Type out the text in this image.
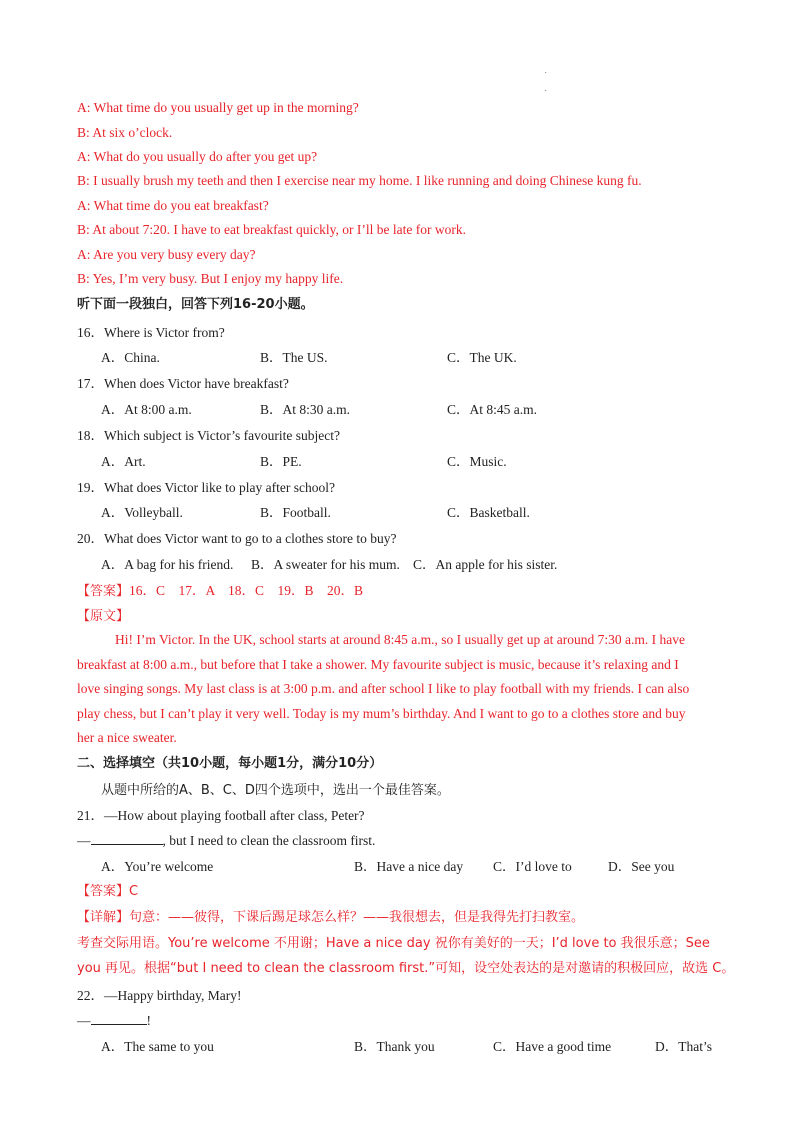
˙
˙
A: What time do you usually get up in the morning?
B: At six o’clock.
A: What do you usually do after you get up?
B: I usually brush my teeth and then I exercise near my home. I like running and doing Chinese kung fu.
A: What time do you eat breakfast?
B: At about 7:20. I have to eat breakfast quickly, or I’ll be late for work.
A: Are you very busy every day?
B: Yes, I’m very busy. But I enjoy my happy life.
听下面一段独白，回答下列16-20小题。
16．Where is Victor from?
A．China.	B．The US.	C．The UK.
17．When does Victor have breakfast?
A．At 8:00 a.m.	B．At 8:30 a.m.	C．At 8:45 a.m.
18．Which subject is Victor’s favourite subject?
A．Art.	B．PE.	C．Music.
19．What does Victor like to play after school?
A．Volleyball.	B．Football.	C．Basketball.
20．What does Victor want to go to a clothes store to buy?
A．A bag for his friend. B．A sweater for his mum. C．An apple for his sister.
【答案】16．C　17．A　18．C　19．B　20．B
【原文】
Hi! I’m Victor. In the UK, school starts at around 8:45 a.m., so I usually get up at around 7:30 a.m. I have
breakfast at 8:00 a.m., but before that I take a shower. My favourite subject is music, because it’s relaxing and I
love singing songs. My last class is at 3:00 p.m. and after school I like to play football with my friends. I can also
play chess, but I can’t play it very well. Today is my mum’s birthday. And I want to go to a clothes store and buy
her a nice sweater.
二、选择填空（共10小题，每小题1分，满分10分）
从题中所给的A、B、C、D四个选项中，选出一个最佳答案。
21．—How about playing football after class, Peter?
—	, but I need to clean the classroom first.
A．You’re welcome	B．Have a nice day C．I’d love to	D．See you
【答案】C
【详解】句意：——彼得，下课后踢足球怎么样？——我很想去，但是我得先打扫教室。
考查交际用语。You’re welcome 不用谢；Have a nice day 祝你有美好的一天；I’d love to 我很乐意；See
you 再见。根据“but I need to clean the classroom first.”可知，设空处表达的是对邀请的积极回应，故选 C。
22．—Happy birthday, Mary!
—	!
A．The same to you	B．Thank you	C．Have a good time	D．That’s
